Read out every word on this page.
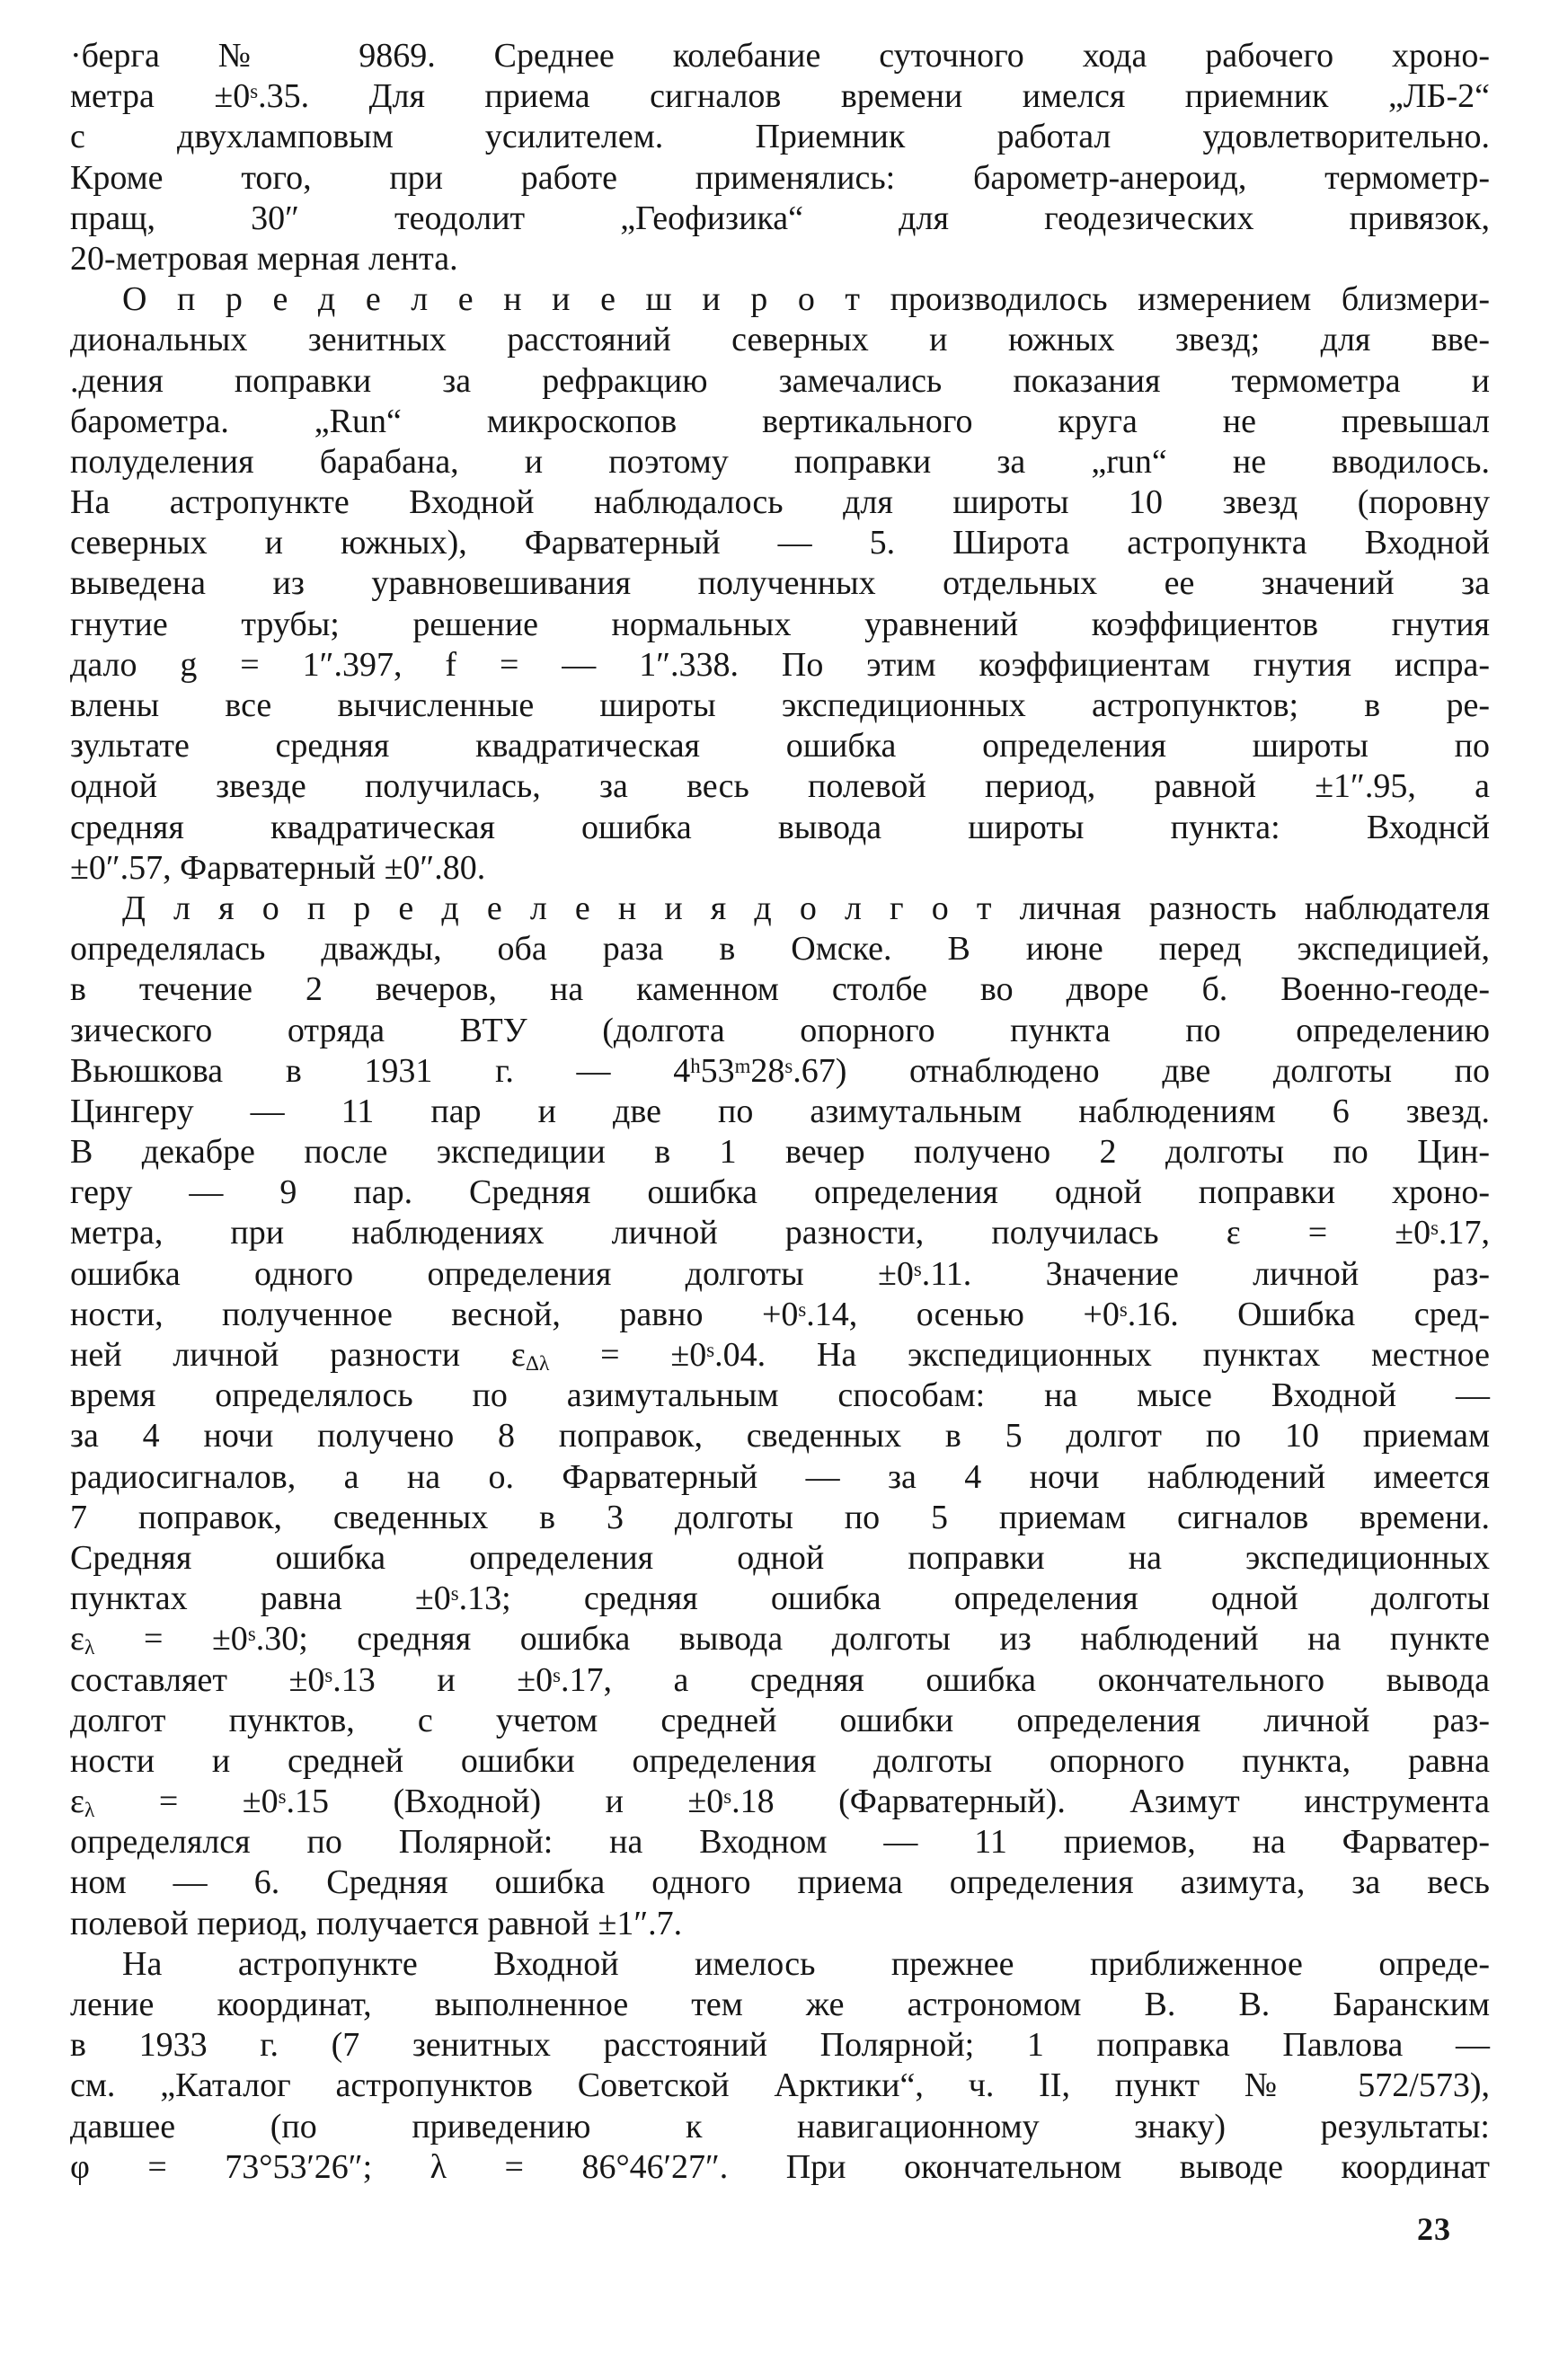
·берга № 9869. Среднее колебание суточного хода рабочего хроно-

метра $\pm 0^s.35$. Для приема сигналов времени имелся приемник „ЛБ-2“

с двухламповым усилителем. Приемник работал удовлетворительно.

Кроме того, при работе применялись: барометр-анероид, термометр-

пращ, 30″ теодолит „Геофизика“ для геодезических привязок,

20-метровая мерная лента.

О п р е д е л е н и е ш и р о т производилось измерением близмери-

диональных зенитных расстояний северных и южных звезд; для вве-

.дения поправки за рефракцию замечались показания термометра и

барометра. „Run“ микроскопов вертикального круга не превышал

полуделения барабана, и поэтому поправки за „run“ не вводилось.

На астропункте Входной наблюдалось для широты 10 звезд (поровну

северных и южных), Фарватерный — 5. Широта астропункта Входной

выведена из уравновешивания полученных отдельных ее значений за

гнутие трубы; решение нормальных уравнений коэффициентов гнутия

дало g = 1″.397, f = — 1″.338. По этим коэффициентам гнутия испра-

влены все вычисленные широты экспедиционных астропунктов; в ре-

зультате средняя квадратическая ошибка определения широты по

одной звезде получилась, за весь полевой период, равной ±1″.95, а

средняя квадратическая ошибка вывода широты пункта: Входнсй

±0″.57, Фарватерный ±0″.80.

Д л я о п р е д е л е н и я д о л г о т личная разность наблюдателя

определялась дважды, оба раза в Омске. В июне перед экспедицией,

в течение 2 вечеров, на каменном столбе во дворе б. Военно-геоде-

зического отряда ВТУ (долгота опорного пункта по определению

Вьюшкова в 1931 г. — 4$^h$53$^m$28$^s$.67) отнаблюдено две долготы по

Цингеру — 11 пар и две по азимутальным наблюдениям 6 звезд.

В декабре после экспедиции в 1 вечер получено 2 долготы по Цин-

геру — 9 пар. Средняя ошибка определения одной поправки хроно-

метра, при наблюдениях личной разности, получилась $\varepsilon = \pm 0^s.17$,

ошибка одного определения долготы $\pm 0^s.11$. Значение личной раз-

ности, полученное весной, равно $+0^s.14$, осенью $+0^s.16$. Ошибка сред-

ней личной разности $\varepsilon_{\Delta\lambda} = \pm 0^s.04$. На экспедиционных пунктах местное

время определялось по азимутальным способам: на мысе Входной —

за 4 ночи получено 8 поправок, сведенных в 5 долгот по 10 приемам

радиосигналов, а на о. Фарватерный — за 4 ночи наблюдений имеется

7 поправок, сведенных в 3 долготы по 5 приемам сигналов времени.

Средняя ошибка определения одной поправки на экспедиционных

пунктах равна $\pm 0^s.13$; средняя ошибка определения одной долготы

$\varepsilon_\lambda = \pm 0^s.30$; средняя ошибка вывода долготы из наблюдений на пункте

составляет $\pm 0^s.13$ $и \pm 0^s.17$, а средняя ошибка окончательного вывода

долгот пунктов, с учетом средней ошибки определения личной раз-

ности и средней ошибки определения долготы опорного пункта, равна

$\varepsilon_\lambda = \pm 0^s.15$ (Входной) $и \pm 0^s.18$ (Фарватерный). Азимут инструмента

определялся по Полярной: на Входном — 11 приемов, на Фарватер-

ном — 6. Средняя ошибка одного приема определения азимута, за весь

полевой период, получается равной ±1″.7.

На астропункте Входной имелось прежнее приближенное опреде-

ление координат, выполненное тем же астрономом В. В. Баранским

в 1933 г. (7 зенитных расстояний Полярной; 1 поправка Павлова —

см. „Каталог астропунктов Советской Арктики“, ч. II, пункт № 572/573),

давшее (по приведению к навигационному знаку) результаты:

φ = 73°53′26″; λ = 86°46′27″. При окончательном выводе координат

23
